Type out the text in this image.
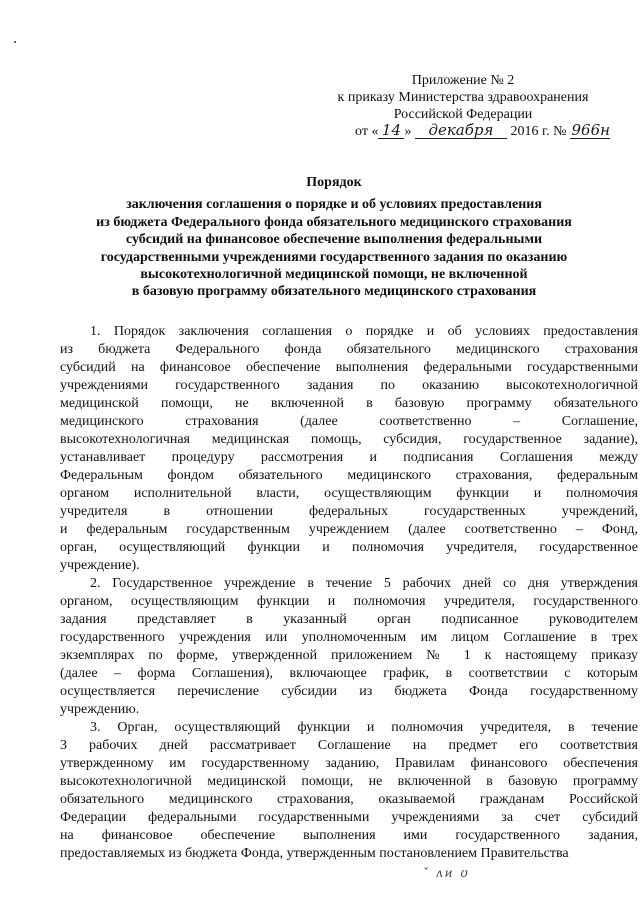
Приложение № 2
к приказу Министерства здравоохранения
Российской Федерации
от « 14 » декабря 2016 г. № 966н
Порядок
заключения соглашения о порядке и об условиях предоставления
из бюджета Федерального фонда обязательного медицинского страхования
субсидий на финансовое обеспечение выполнения федеральными
государственными учреждениями государственного задания по оказанию
высокотехнологичной медицинской помощи, не включенной
в базовую программу обязательного медицинского страхования
1. Порядок заключения соглашения о порядке и об условиях предоставления
из бюджета Федерального фонда обязательного медицинского страхования
субсидий на финансовое обеспечение выполнения федеральными государственными
учреждениями государственного задания по оказанию высокотехнологичной
медицинской помощи, не включенной в базовую программу обязательного
медицинского страхования (далее соответственно – Соглашение,
высокотехнологичная медицинская помощь, субсидия, государственное задание),
устанавливает процедуру рассмотрения и подписания Соглашения между
Федеральным фондом обязательного медицинского страхования, федеральным
органом исполнительной власти, осуществляющим функции и полномочия
учредителя в отношении федеральных государственных учреждений,
и федеральным государственным учреждением (далее соответственно – Фонд,
орган, осуществляющий функции и полномочия учредителя, государственное
учреждение).
2. Государственное учреждение в течение 5 рабочих дней со дня утверждения
органом, осуществляющим функции и полномочия учредителя, государственного
задания представляет в указанный орган подписанное руководителем
государственного учреждения или уполномоченным им лицом Соглашение в трех
экземплярах по форме, утвержденной приложением № 1 к настоящему приказу
(далее – форма Соглашения), включающее график, в соответствии с которым
осуществляется перечисление субсидии из бюджета Фонда государственному
учреждению.
3. Орган, осуществляющий функции и полномочия учредителя, в течение
3 рабочих дней рассматривает Соглашение на предмет его соответствия
утвержденному им государственному заданию, Правилам финансового обеспечения
высокотехнологичной медицинской помощи, не включенной в базовую программу
обязательного медицинского страхования, оказываемой гражданам Российской
Федерации федеральными государственными учреждениями за счет субсидий
на финансовое обеспечение выполнения ими государственного задания,
предоставляемых из бюджета Фонда, утвержденным постановлением Правительства
ˇ ʌͷ ʊ
